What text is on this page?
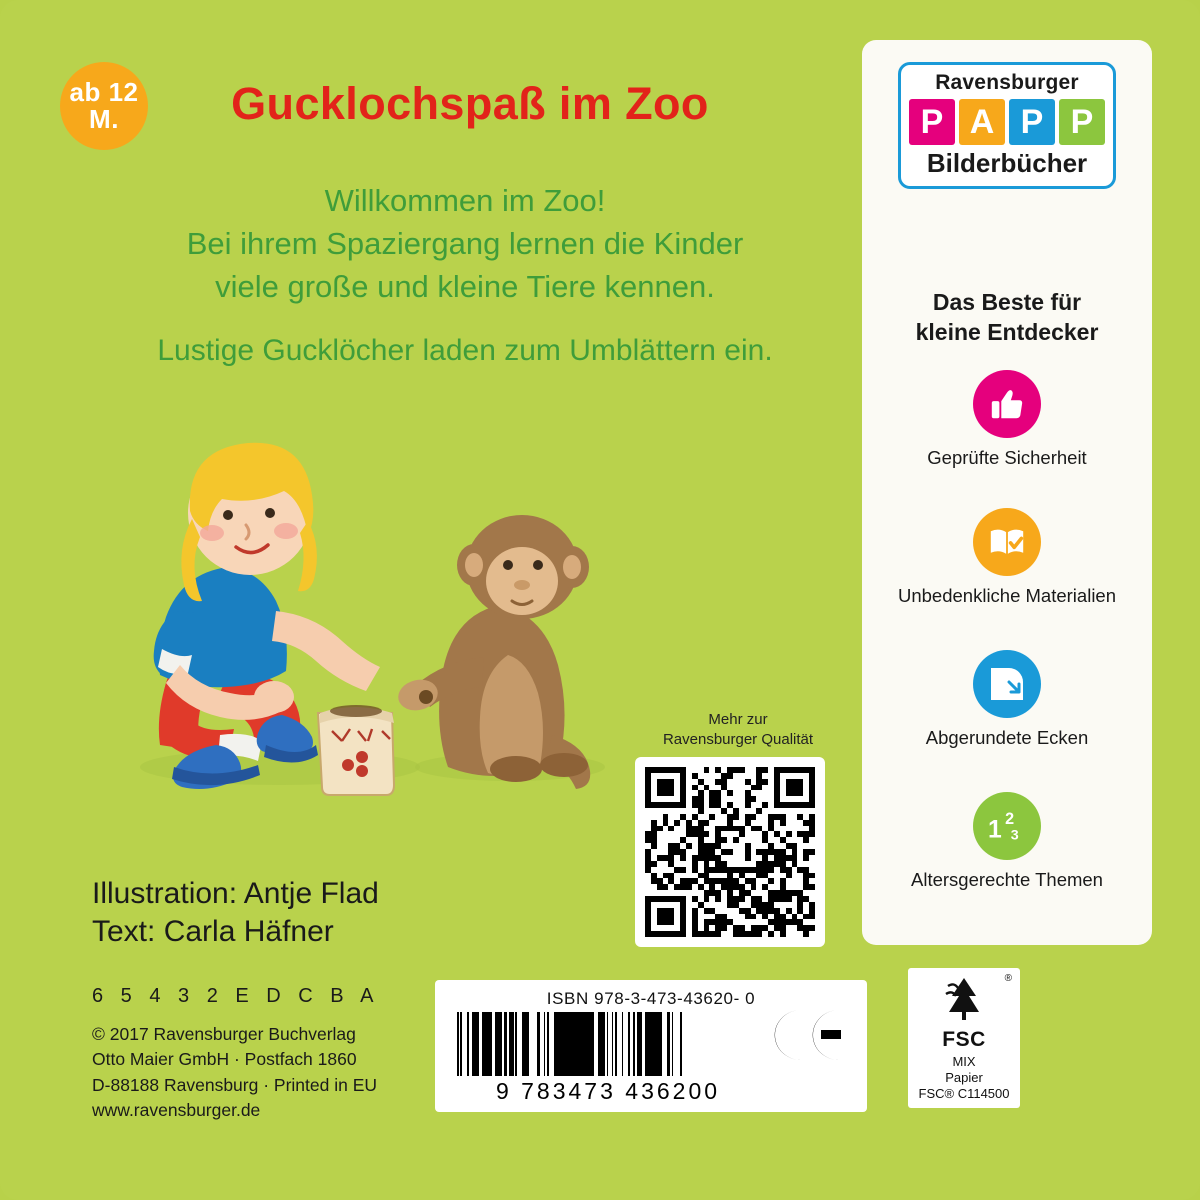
ab 12
M.	Gucklochspaß im Zoo
Willkommen im Zoo!
Bei ihrem Spaziergang lernen die Kinder
viele große und kleine Tiere kennen.
Lustige Gucklöcher laden zum Umblättern ein.
Illustration: Antje Flad
Text: Carla Häfner
6 5 4 3 2 E D C B A
© 2017 Ravensburger Buchverlag
Otto Maier GmbH · Postfach 1860
D-88188 Ravensburg · Printed in EU
www.ravensburger.de
Mehr zur
Ravensburger Qualität
ISBN 978-3-473-43620- 0
9 783473 436200
®
FSC
MIX
Papier
FSC® C114500
Ravensburger
P A P P
Bilderbücher
Das Beste für
kleine Entdecker
Geprüfte Sicherheit
Unbedenkliche Materialien
Abgerundete Ecken
1 2
3
Altersgerechte Themen
